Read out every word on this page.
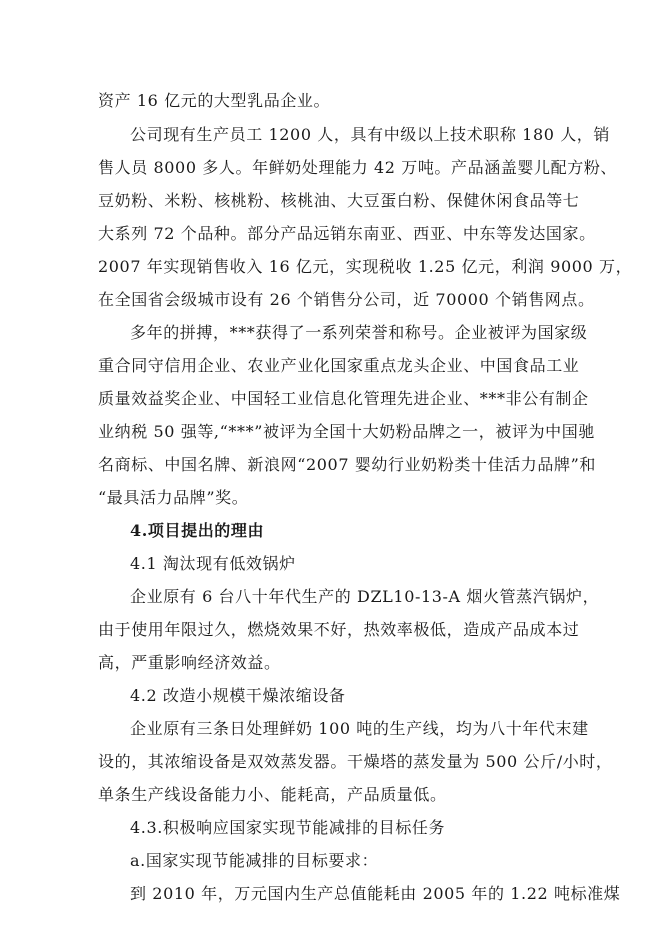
资产 16 亿元的大型乳品企业。
公司现有生产员工 1200 人，具有中级以上技术职称 180 人，销
售人员 8000 多人。年鲜奶处理能力 42 万吨。产品涵盖婴儿配方粉、
豆奶粉、米粉、核桃粉、核桃油、大豆蛋白粉、保健休闲食品等七
大系列 72 个品种。部分产品远销东南亚、西亚、中东等发达国家。
2007 年实现销售收入 16 亿元，实现税收 1.25 亿元，利润 9000 万，
在全国省会级城市设有 26 个销售分公司，近 70000 个销售网点。
多年的拼搏，***获得了一系列荣誉和称号。企业被评为国家级
重合同守信用企业、农业产业化国家重点龙头企业、中国食品工业
质量效益奖企业、中国轻工业信息化管理先进企业、***非公有制企
业纳税 50 强等,“***”被评为全国十大奶粉品牌之一，被评为中国驰
名商标、中国名牌、新浪网“2007 婴幼行业奶粉类十佳活力品牌”和
“最具活力品牌”奖。
4.项目提出的理由
4.1 淘汰现有低效锅炉
企业原有 6 台八十年代生产的 DZL10-13-A 烟火管蒸汽锅炉，
由于使用年限过久，燃烧效果不好，热效率极低，造成产品成本过
高，严重影响经济效益。
4.2 改造小规模干燥浓缩设备
企业原有三条日处理鲜奶 100 吨的生产线，均为八十年代末建
设的，其浓缩设备是双效蒸发器。干燥塔的蒸发量为 500 公斤/小时，
单条生产线设备能力小、能耗高，产品质量低。
4.3.积极响应国家实现节能减排的目标任务
a.国家实现节能减排的目标要求：
到 2010 年，万元国内生产总值能耗由 2005 年的 1.22 吨标准煤
